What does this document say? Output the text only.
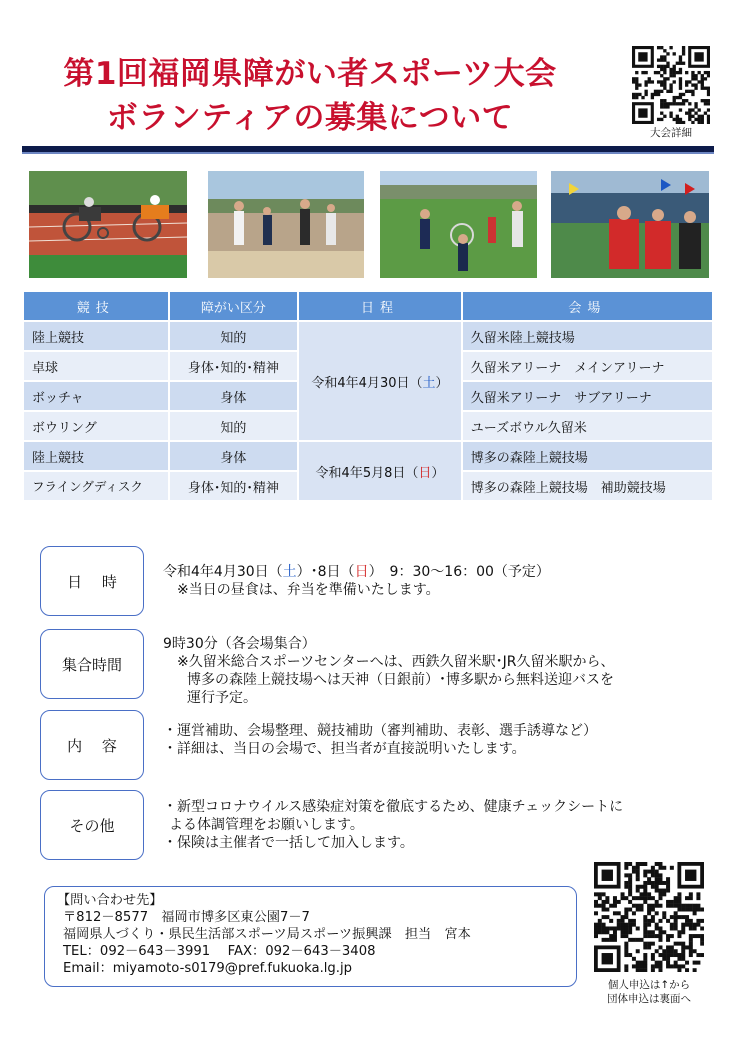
第1回福岡県障がい者スポーツ大会
ボランティアの募集について	大会詳細
競技	障がい区分	日程	会場
陸上競技	知的	令和4年4月30日（土）	久留米陸上競技場
卓球	身体･知的･精神		久留米アリーナ　メインアリーナ
ボッチャ	身体		久留米アリーナ　サブアリーナ
ボウリング	知的		ユーズボウル久留米
陸上競技	身体	令和4年5月8日（日）	博多の森陸上競技場
フライングディスク	身体･知的･精神		博多の森陸上競技場　補助競技場
日　 時
令和4年4月30日（土）･8日（日）　9：30～16：00（予定）
※当日の昼食は、弁当を準備いたします。
集合時間
9時30分（各会場集合）
※久留米総合スポーツセンターへは、西鉄久留米駅･JR久留米駅から、
博多の森陸上競技場へは天神（日銀前）･博多駅から無料送迎バスを
運行予定。
内　 容
・運営補助、会場整理、競技補助（審判補助、表彰、選手誘導など）
・詳細は、当日の会場で、担当者が直接説明いたします。
その他
・新型コロナウイルス感染症対策を徹底するため、健康チェックシートに
よる体調管理をお願いします。
・保険は主催者で一括して加入します。
【問い合わせ先】
〒812－8577　福岡市博多区東公園7－7
福岡県人づくり・県民生活部スポーツ局スポーツ振興課　担当　宮本
TEL：092－643－3991　 FAX：092－643－3408
Email：miyamoto-s0179@pref.fukuoka.lg.jp
個人申込は↑から
団体申込は裏面へ
